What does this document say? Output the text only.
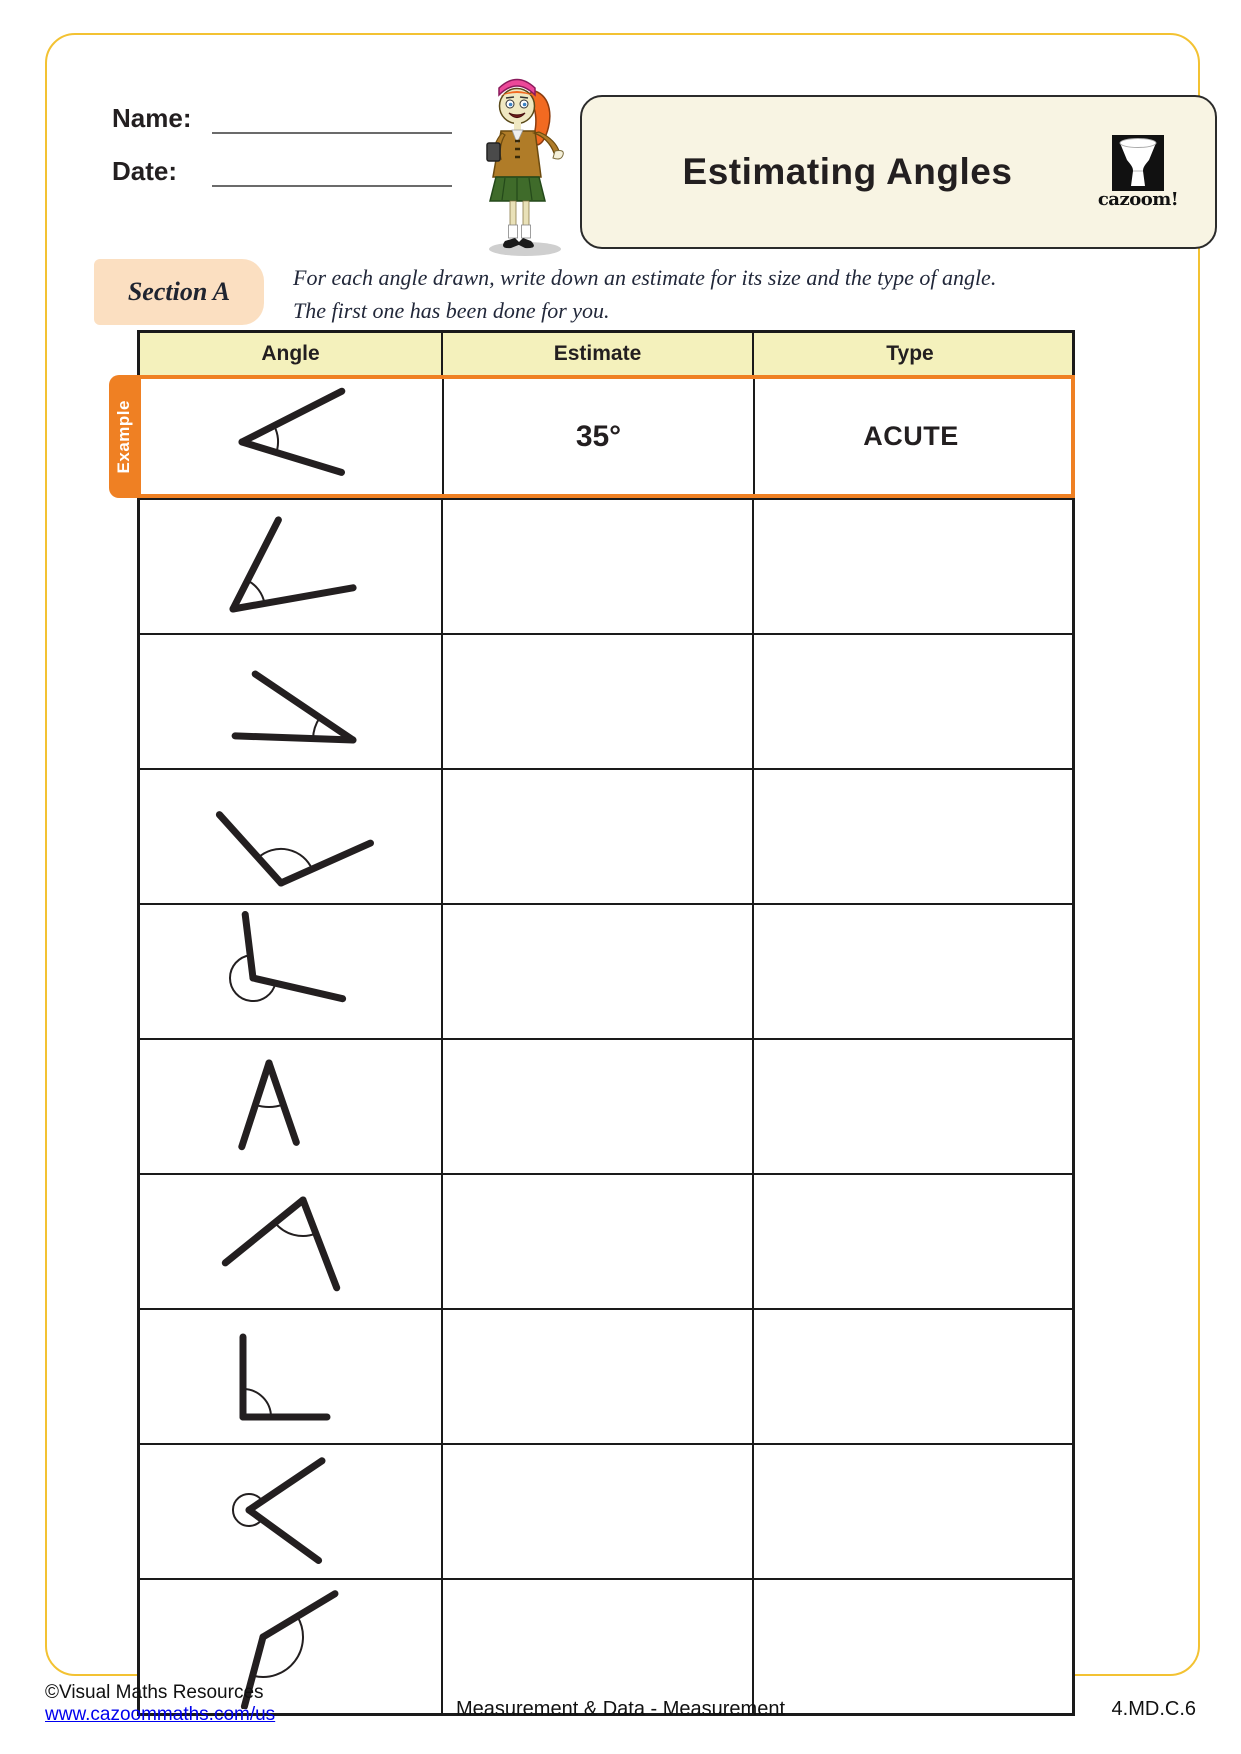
Name:
Date:	Estimating Angles
cazoom!
Section A	For each angle drawn, write down an estimate for its size and the type of angle.
The first one has been done for you.
Angle	Estimate	Type
Example	35°	ACUTE
©Visual Maths Resources
www.cazoommaths.com/us	Measurement & Data - Measurement	4.MD.C.6
